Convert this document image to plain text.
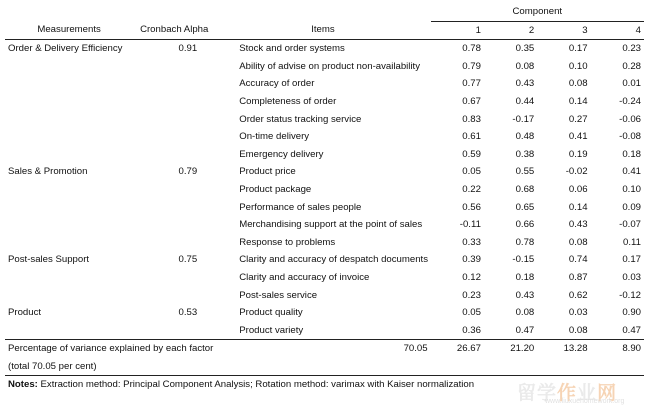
			Component			
Measurements	Cronbach Alpha	Items	1	2	3	4
Order & Delivery Efficiency	0.91	Stock and order systems	0.78	0.35	0.17	0.23
		Ability of advise on product non-availability	0.79	0.08	0.10	0.28
		Accuracy of order	0.77	0.43	0.08	0.01
		Completeness of order	0.67	0.44	0.14	-0.24
		Order status tracking service	0.83	-0.17	0.27	-0.06
		On-time delivery	0.61	0.48	0.41	-0.08
		Emergency delivery	0.59	0.38	0.19	0.18
Sales & Promotion	0.79	Product price	0.05	0.55	-0.02	0.41
		Product package	0.22	0.68	0.06	0.10
		Performance of sales people	0.56	0.65	0.14	0.09
		Merchandising support at the point of sales	-0.11	0.66	0.43	-0.07
		Response to problems	0.33	0.78	0.08	0.11
Post-sales Support	0.75	Clarity and accuracy of despatch documents	0.39	-0.15	0.74	0.17
		Clarity and accuracy of invoice	0.12	0.18	0.87	0.03
		Post-sales service	0.23	0.43	0.62	-0.12
Product	0.53	Product quality	0.05	0.08	0.03	0.90
		Product variety	0.36	0.47	0.08	0.47
Percentage of variance explained by each factor		70.05	26.67	21.20	13.28	8.90
(total 70.05 per cent)						
Notes: Extraction method: Principal Component Analysis; Rotation method: varimax with Kaiser normalization 留学作业网
www.liuxuehomework.org
